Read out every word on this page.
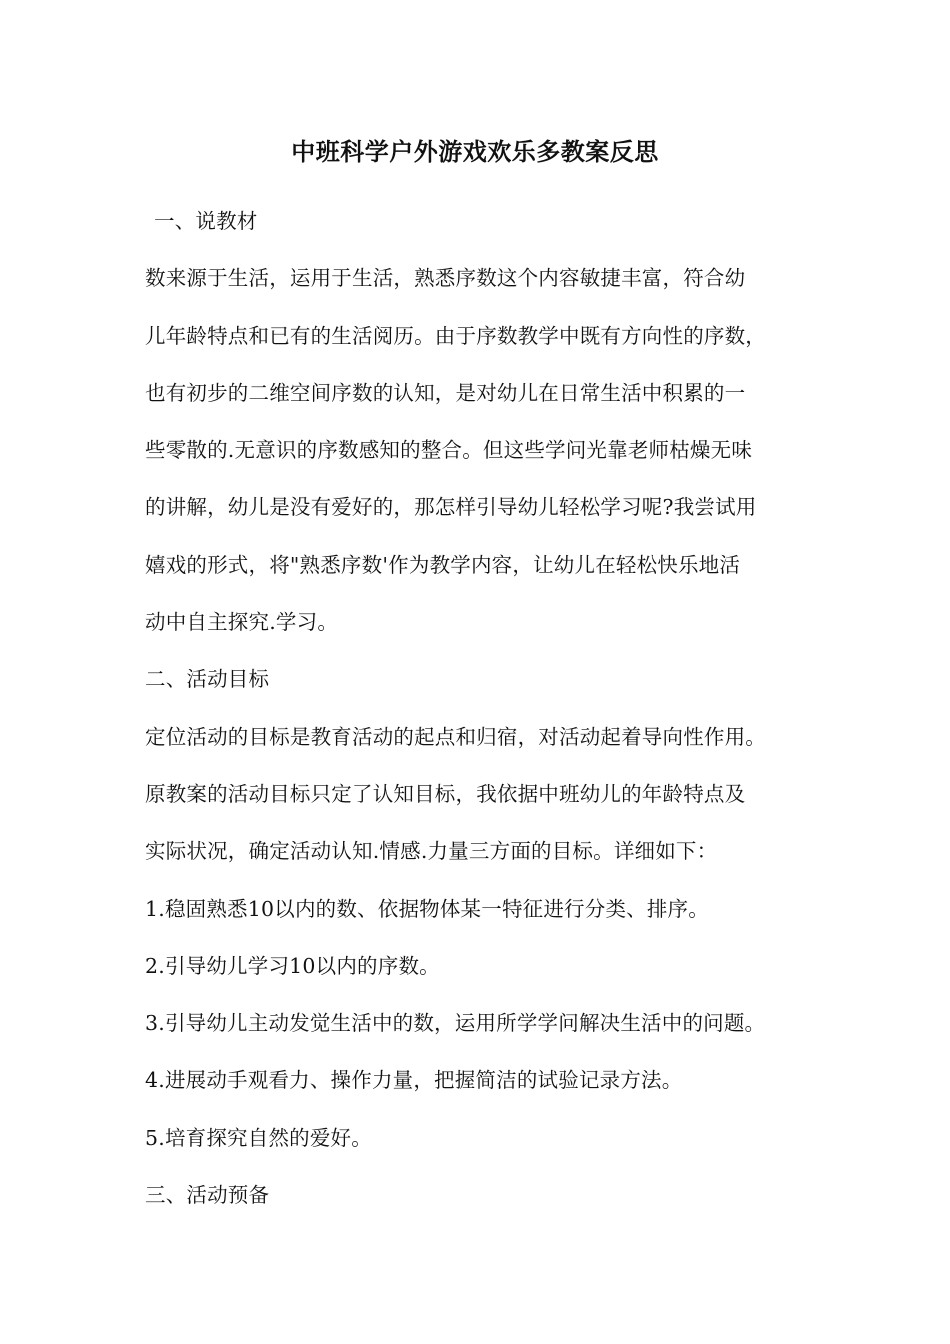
中班科学户外游戏欢乐多教案反思
一、说教材
数来源于生活，运用于生活，熟悉序数这个内容敏捷丰富，符合幼
儿年龄特点和已有的生活阅历。由于序数教学中既有方向性的序数，
也有初步的二维空间序数的认知，是对幼儿在日常生活中积累的一
些零散的.无意识的序数感知的整合。但这些学问光靠老师枯燥无味
的讲解，幼儿是没有爱好的，那怎样引导幼儿轻松学习呢?我尝试用
嬉戏的形式，将"熟悉序数'作为教学内容，让幼儿在轻松快乐地活
动中自主探究.学习。
二、活动目标
定位活动的目标是教育活动的起点和归宿，对活动起着导向性作用。
原教案的活动目标只定了认知目标，我依据中班幼儿的年龄特点及
实际状况，确定活动认知.情感.力量三方面的目标。详细如下：
1.稳固熟悉10以内的数、依据物体某一特征进行分类、排序。
2.引导幼儿学习10以内的序数。
3.引导幼儿主动发觉生活中的数，运用所学学问解决生活中的问题。
4.进展动手观看力、操作力量，把握简洁的试验记录方法。
5.培育探究自然的爱好。
三、活动预备
